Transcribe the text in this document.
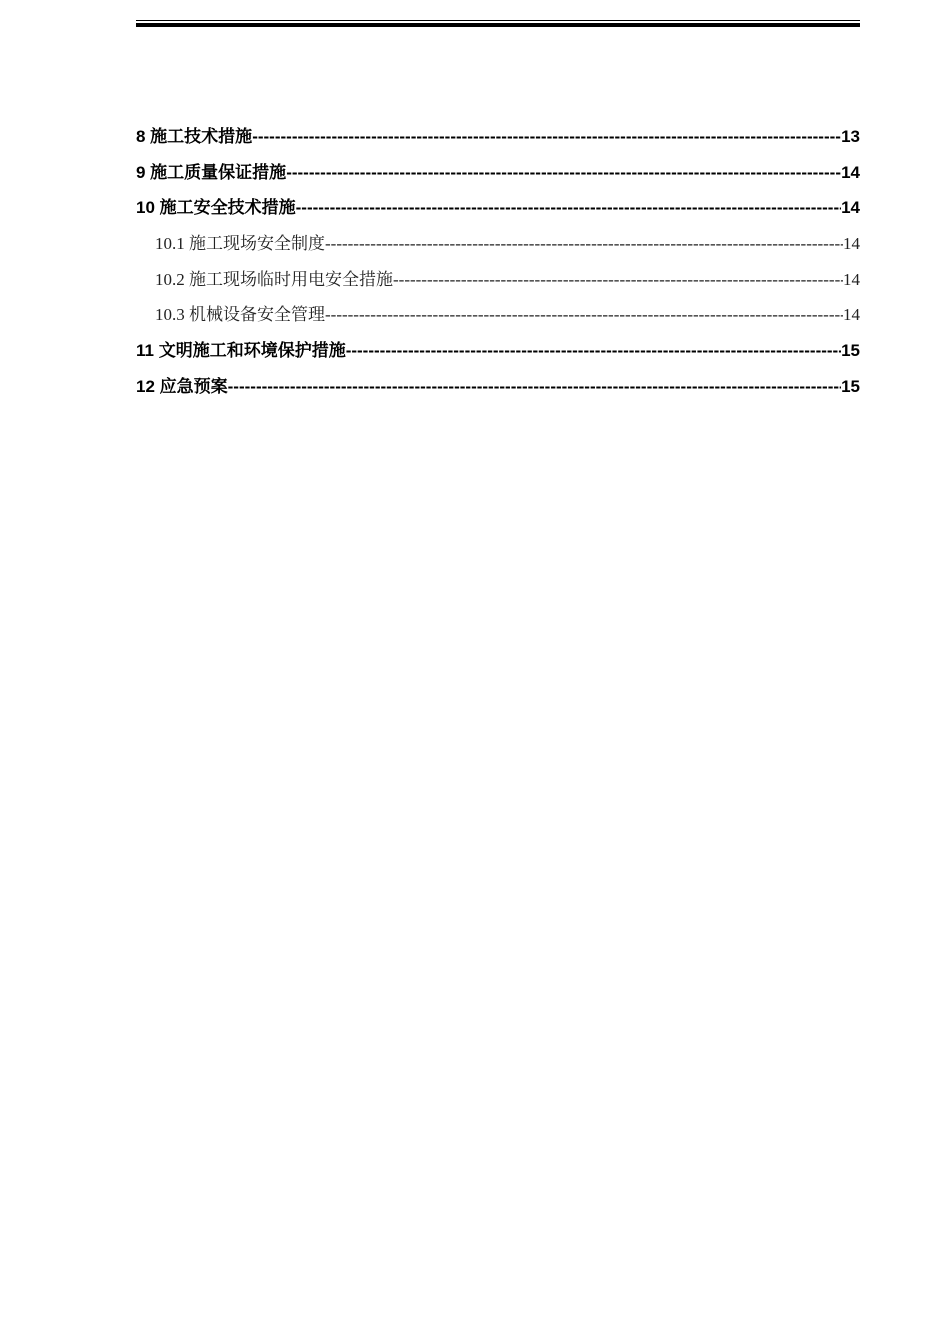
8 施工技术措施 -----	13
9 施工质量保证措施 -----	14
10 施工安全技术措施 -----	14
10.1 施工现场安全制度 -----	14
10.2 施工现场临时用电安全措施 -----	14
10.3 机械设备安全管理 -----	14
11 文明施工和环境保护措施 -----	15
12 应急预案 -----	15
